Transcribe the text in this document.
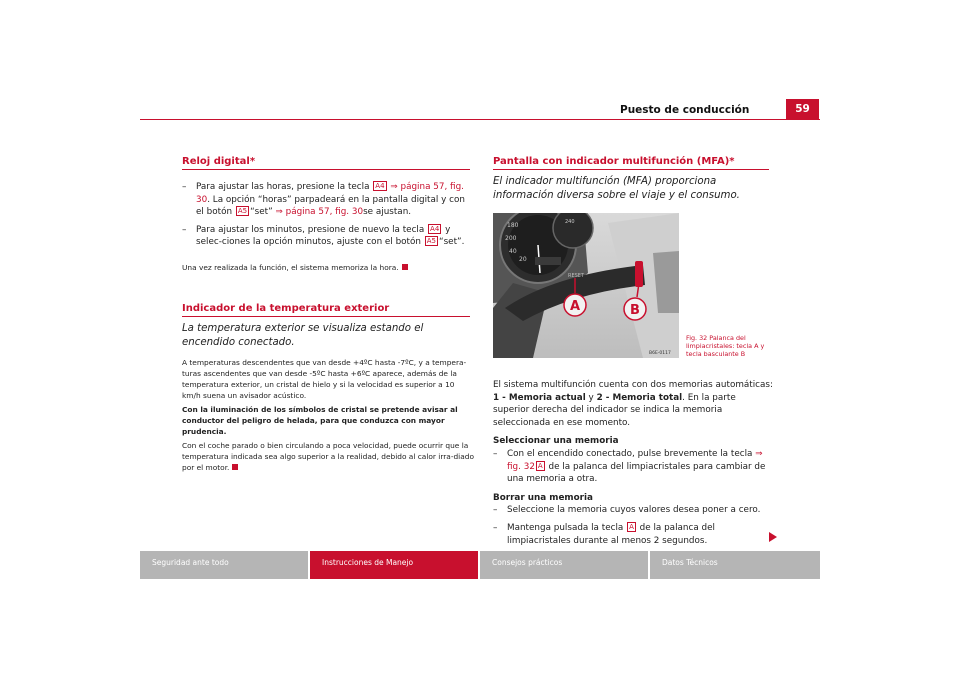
Puesto de conducción	59
Reloj digital*
– Para ajustar las horas, presione la tecla A4 ⇒ página 57, fig. 30. La opción “horas” parpadeará en la pantalla digital y con el botón A5 “set” ⇒ página 57, fig. 30se ajustan.
– Para ajustar los minutos, presione de nuevo la tecla A4 y selec-ciones la opción minutos, ajuste con el botón A5 “set”.
Una vez realizada la función, el sistema memoriza la hora.
Indicador de la temperatura exterior
La temperatura exterior se visualiza estando el encendido conectado.
A temperaturas descendentes que van desde +4ºC hasta -7ºC, y a tempera-turas ascendentes que van desde -5ºC hasta +6ºC aparece, además de la temperatura exterior, un cristal de hielo y si la velocidad es superior a 10 km/h suena un avisador acústico.
Con la iluminación de los símbolos de cristal se pretende avisar al conductor del peligro de helada, para que conduzca con mayor prudencia.
Con el coche parado o bien circulando a poca velocidad, puede ocurrir que la temperatura indicada sea algo superior a la realidad, debido al calor irra-diado por el motor.
Pantalla con indicador multifunción (MFA)*
El indicador multifunción (MFA) proporciona información diversa sobre el viaje y el consumo.
180
200
40
20
240
RESET
A	B
B6E-0117
Fig. 32 Palanca del limpiacristales: tecla A y tecla basculante B
El sistema multifunción cuenta con dos memorias automáticas: 1 - Memoria actual y 2 - Memoria total. En la parte superior derecha del indicador se indica la memoria seleccionada en ese momento.
Seleccionar una memoria
– Con el encendido conectado, pulse brevemente la tecla ⇒ fig. 32 A de la palanca del limpiacristales para cambiar de una memoria a otra.
Borrar una memoria
– Seleccione la memoria cuyos valores desea poner a cero.
– Mantenga pulsada la tecla A de la palanca del limpiacristales durante al menos 2 segundos.
Seguridad ante todo	Instrucciones de Manejo	Consejos prácticos	Datos Técnicos
